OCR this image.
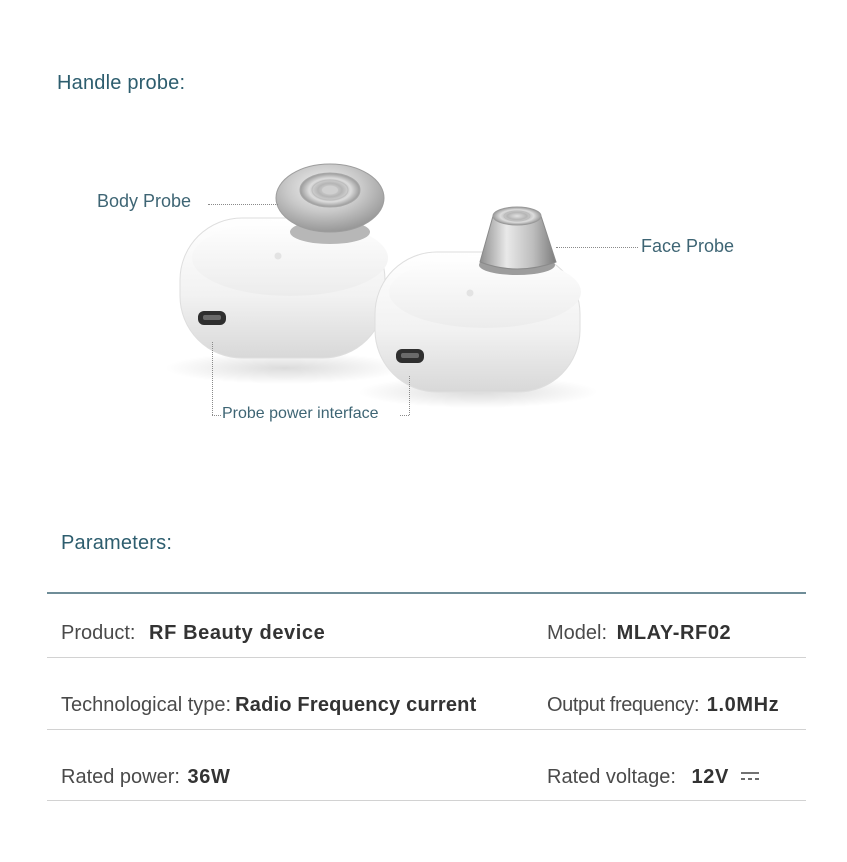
Handle probe:
Body Probe
Face Probe
Probe power interface
Parameters:
Product: RF Beauty device	Model: MLAY-RF02
Technological type: Radio Frequency current	Output frequency: 1.0MHz
Rated power: 36W	Rated voltage: 12V
